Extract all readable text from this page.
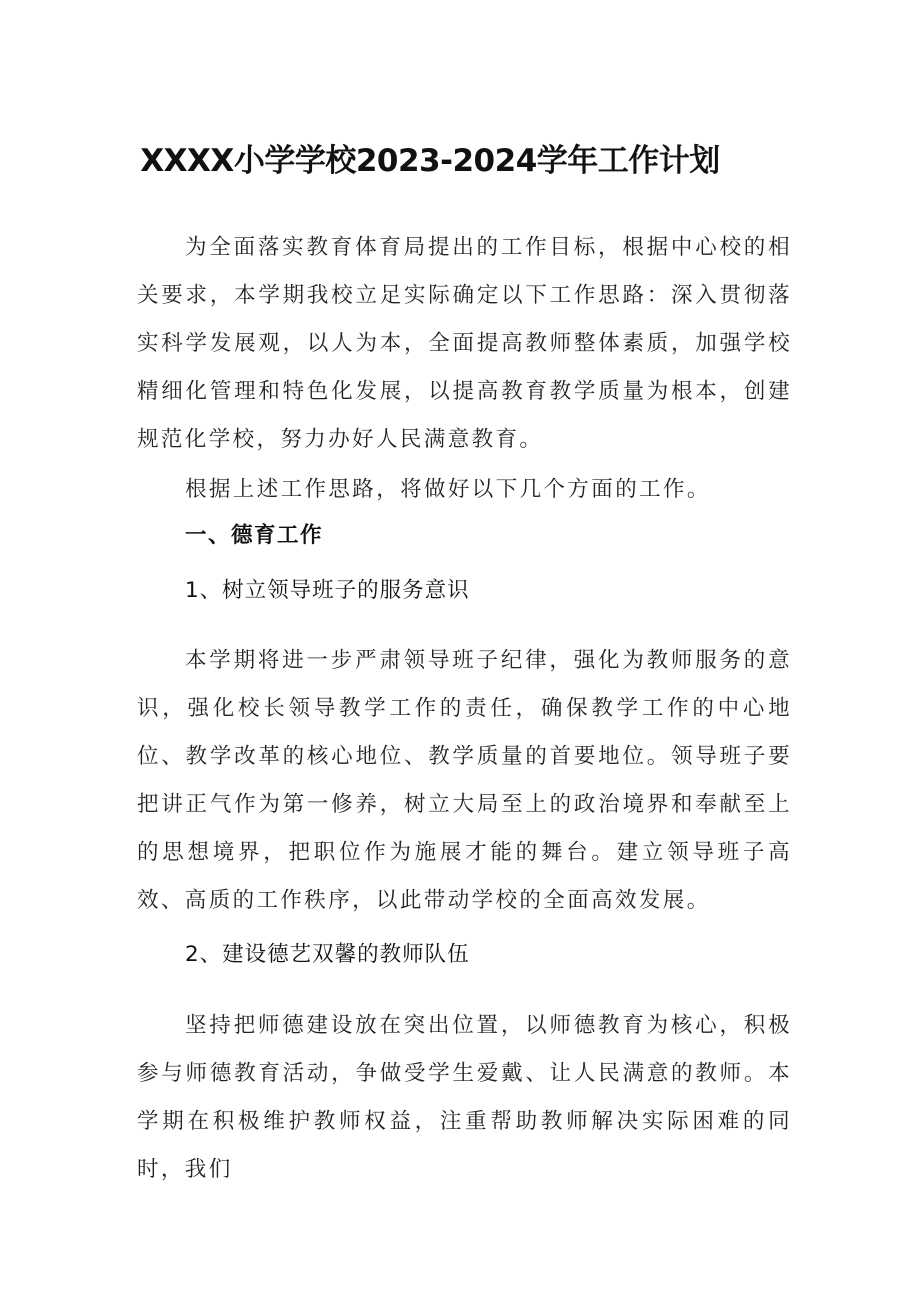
XXXX小学学校2023-2024学年工作计划

为全面落实教育体育局提出的工作目标，根据中心校的相关要求，本学期我校立足实际确定以下工作思路：深入贯彻落实科学发展观，以人为本，全面提高教师整体素质，加强学校精细化管理和特色化发展，以提高教育教学质量为根本，创建规范化学校，努力办好人民满意教育。

根据上述工作思路，将做好以下几个方面的工作。

一、德育工作
1、树立领导班子的服务意识

本学期将进一步严肃领导班子纪律，强化为教师服务的意识，强化校长领导教学工作的责任，确保教学工作的中心地位、教学改革的核心地位、教学质量的首要地位。领导班子要把讲正气作为第一修养，树立大局至上的政治境界和奉献至上的思想境界，把职位作为施展才能的舞台。建立领导班子高效、高质的工作秩序，以此带动学校的全面高效发展。

2、建设德艺双馨的教师队伍

坚持把师德建设放在突出位置，以师德教育为核心，积极参与师德教育活动，争做受学生爱戴、让人民满意的教师。本学期在积极维护教师权益，注重帮助教师解决实际困难的同时，我们
